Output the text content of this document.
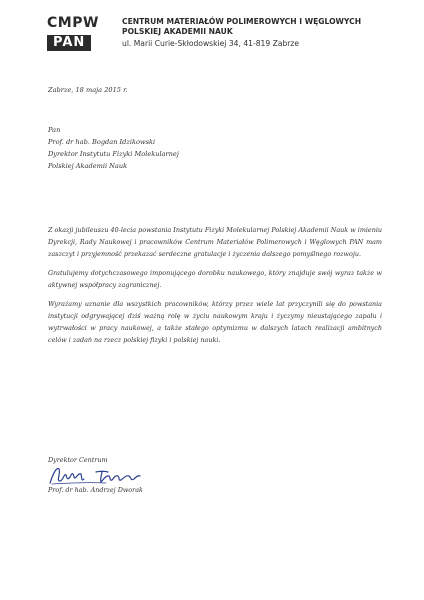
CMPW
PAN
CENTRUM MATERIAŁÓW POLIMEROWYCH I WĘGLOWYCH
POLSKIEJ AKADEMII NAUK
ul. Marii Curie-Skłodowskiej 34, 41-819 Zabrze
Zabrze, 18 maja 2015 r.
Pan
Prof. dr hab. Bogdan Idzikowski
Dyrektor Instytutu Fizyki Molekularnej
Polskiej Akademii Nauk

Z okazji jubileuszu 40-lecia powstania Instytutu Fizyki Molekularnej Polskiej Akademii Nauk w imieniu Dyrekcji, Rady Naukowej i pracowników Centrum Materiałów Polimerowych i Węglowych PAN mam zaszczyt i przyjemność przekazać serdeczne gratulacje i życzenia dalszego pomyślnego rozwoju.

Gratulujemy dotychczasowego imponującego dorobku naukowego, który znajduje swój wyraz także w aktywnej współpracy zagranicznej.

Wyrażamy uznanie dla wszystkich pracowników, którzy przez wiele lat przyczynili się do powstania instytucji odgrywającej dziś ważną rolę w życiu naukowym kraju i życzymy nieustającego zapału i wytrwałości w pracy naukowej, a także stałego optymizmu w dalszych latach realizacji ambitnych celów i zadań na rzecz polskiej fizyki i polskiej nauki.

Dyrektor Centrum
Prof. dr hab. Andrzej Dworak
